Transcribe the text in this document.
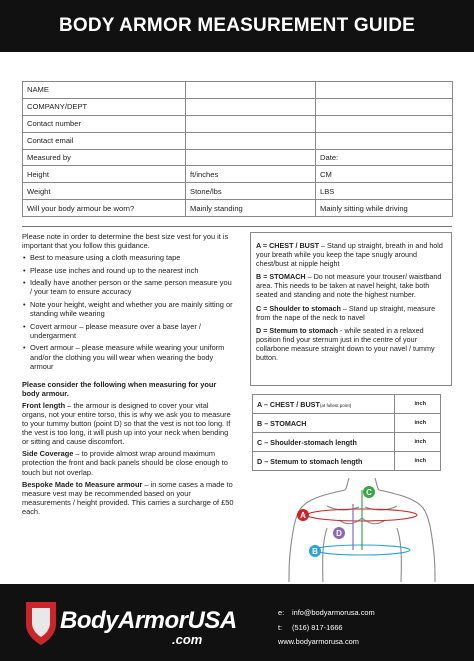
BODY ARMOR MEASUREMENT GUIDE
NAME		
COMPANY/DEPT		
Contact number		
Contact email		
Measured by		Date:
Height	ft/inches	CM
Weight	Stone/lbs	LBS
Will your body armour be worn?	Mainly standing	Mainly sitting while driving

Please note in order to determine the best size vest for you it is important that you follow this guidance.

• Best to measure using a cloth measuring tape
• Please use inches and round up to the nearest inch
• Ideally have another person or the same person measure you / your team to ensure accuracy
• Note your height, weight and whether you are mainly sitting or standing while wearing
• Covert armour – please measure over a base layer / undergarment
• Overt armour – please measure while wearing your uniform and/or the clothing you will wear when wearing the body armour

Please consider the following when measuring for your body armour.

Front length – the armour is designed to cover your vital organs, not your entire torso, this is why we ask you to measure to your tummy button (point D) so that the vest is not too long. If the vest is too long, it will push up into your neck when bending or sitting and cause discomfort.

Side Coverage – to provide almost wrap around maximum protection the front and back panels should be close enough to touch but not overlap.

Bespoke Made to Measure armour – in some cases a made to measure vest may be recommended based on your measurements / height provided. This carries a surcharge of £50 each.

A = CHEST / BUST – Stand up straight, breath in and hold your breath while you keep the tape snugly around chest/bust at nipple height

B = STOMACH – Do not measure your trouser/ waistband area. This needs to be taken at navel height, take both seated and standing and note the highest number.

C = Shoulder to stomach – Stand up straight, measure from the nape of the neck to navel

D = Stemum to stomach - while seated in a relaxed position find your sternum just in the centre of your collarbone measure straight down to your navel / tummy button.

A – CHEST / BUST(at fullest point)	inch
B – STOMACH	inch
C – Shoulder-stomach length	inch
D – Stemum to stomach length	inch
A
B
C
D
BodyArmorUSA
.com
e: info@bodyarmorusa.com
t: (516) 817-1666
www.bodyarmorusa.com
